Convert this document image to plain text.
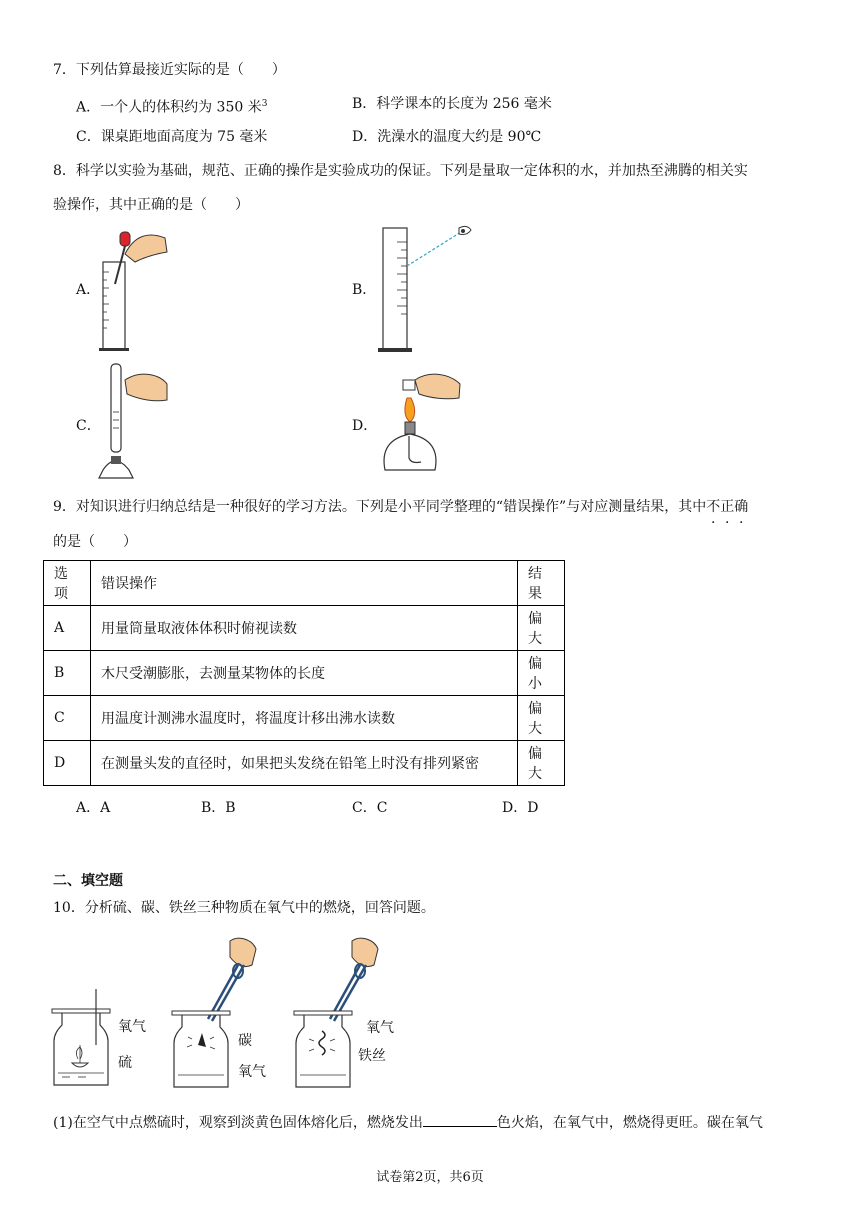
7．下列估算最接近实际的是（　　）
A．一个人的体积约为 350 米$^3$	B．科学课本的长度为 256 毫米
C．课桌距地面高度为 75 毫米	D．洗澡水的温度大约是 90℃
8．科学以实验为基础，规范、正确的操作是实验成功的保证。下列是量取一定体积的水，并加热至沸腾的相关实
验操作，其中正确的是（　　）
A．	B．
C．	D．
9．对知识进行归纳总结是一种很好的学习方法。下列是小平同学整理的“错误操作”与对应测量结果，其中不正确
的是（　　）
选项	错误操作	结果
A	用量筒量取液体体积时俯视读数	偏大
B	木尺受潮膨胀，去测量某物体的长度	偏小
C	用温度计测沸水温度时，将温度计移出沸水读数	偏大
D	在测量头发的直径时，如果把头发绕在铅笔上时没有排列紧密	偏大
A．A	B．B	C．C	D．D
二、填空题
10．分析硫、碳、铁丝三种物质在氧气中的燃烧，回答问题。
氧气
硫
碳
氧气
氧气
铁丝
(1)在空气中点燃硫时，观察到淡黄色固体熔化后，燃烧发出	色火焰，在氧气中，燃烧得更旺。碳在氧气
试卷第2页，共6页
